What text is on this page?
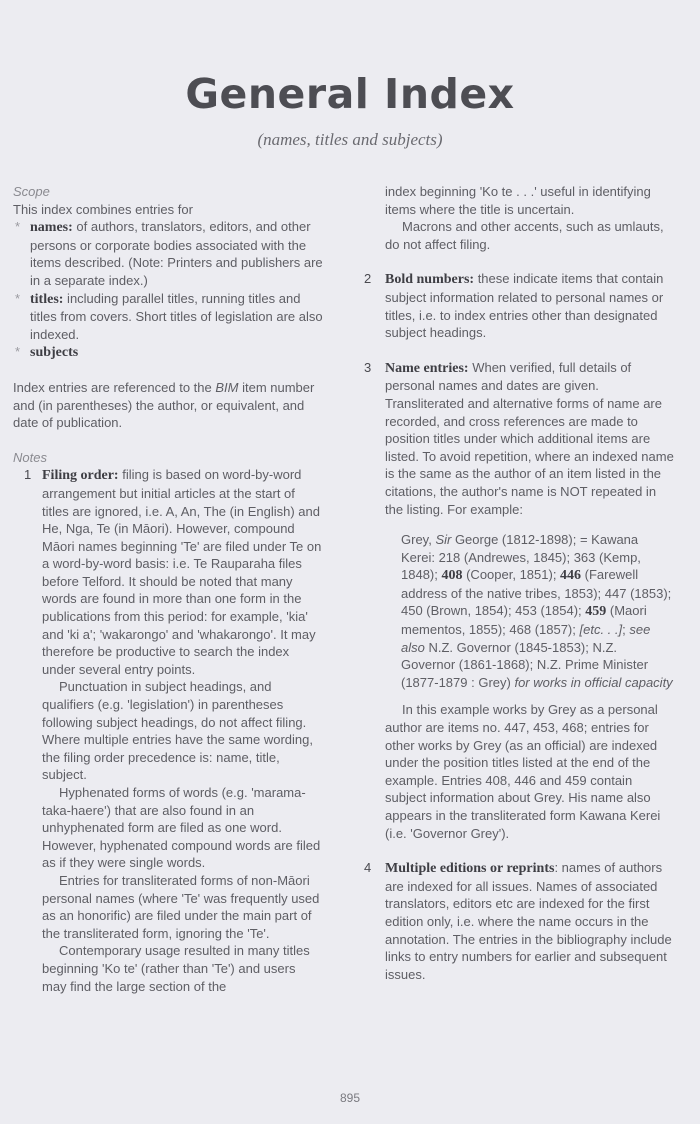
General Index
(names, titles and subjects)
Scope

This index combines entries for

* names: of authors, translators, editors, and other persons or corporate bodies associated with the items described. (Note: Printers and publishers are in a separate index.)
* titles: including parallel titles, running titles and titles from covers. Short titles of legislation are also indexed.
* subjects

Index entries are referenced to the BIM item number and (in parentheses) the author, or equivalent, and date of publication.

Notes
1 Filing order: filing is based on word-by-word arrangement but initial articles at the start of titles are ignored, i.e. A, An, The (in English) and He, Nga, Te (in Māori). However, compound Māori names beginning 'Te' are filed under Te on a word-by-word basis: i.e. Te Rauparaha files before Telford. It should be noted that many words are found in more than one form in the publications from this period: for example, 'kia' and 'ki a'; 'wakarongo' and 'whakarongo'. It may therefore be productive to search the index under several entry points.

Punctuation in subject headings, and qualifiers (e.g. 'legislation') in parentheses following subject headings, do not affect filing. Where multiple entries have the same wording, the filing order precedence is: name, title, subject.

Hyphenated forms of words (e.g. 'marama-taka-haere') that are also found in an unhyphenated form are filed as one word. However, hyphenated compound words are filed as if they were single words.

Entries for transliterated forms of non-Māori personal names (where 'Te' was frequently used as an honorific) are filed under the main part of the transliterated form, ignoring the 'Te'.

Contemporary usage resulted in many titles beginning 'Ko te' (rather than 'Te') and users may find the large section of the

index beginning 'Ko te . . .' useful in identifying items where the title is uncertain.

Macrons and other accents, such as umlauts, do not affect filing.

2 Bold numbers: these indicate items that contain subject information related to personal names or titles, i.e. to index entries other than designated subject headings.

3 Name entries: When verified, full details of personal names and dates are given. Transliterated and alternative forms of name are recorded, and cross references are made to position titles under which additional items are listed. To avoid repetition, where an indexed name is the same as the author of an item listed in the citations, the author's name is NOT repeated in the listing. For example:

Grey, Sir George (1812-1898); = Kawana Kerei: 218 (Andrewes, 1845); 363 (Kemp, 1848); 408 (Cooper, 1851); 446 (Farewell address of the native tribes, 1853); 447 (1853); 450 (Brown, 1854); 453 (1854); 459 (Maori mementos, 1855); 468 (1857); [etc. . .]; see also N.Z. Governor (1845-1853); N.Z. Governor (1861-1868); N.Z. Prime Minister (1877-1879 : Grey) for works in official capacity

In this example works by Grey as a personal author are items no. 447, 453, 468; entries for other works by Grey (as an official) are indexed under the position titles listed at the end of the example. Entries 408, 446 and 459 contain subject information about Grey. His name also appears in the transliterated form Kawana Kerei (i.e. 'Governor Grey').

4 Multiple editions or reprints: names of authors are indexed for all issues. Names of associated translators, editors etc are indexed for the first edition only, i.e. where the name occurs in the annotation. The entries in the bibliography include links to entry numbers for earlier and subsequent issues.

895
